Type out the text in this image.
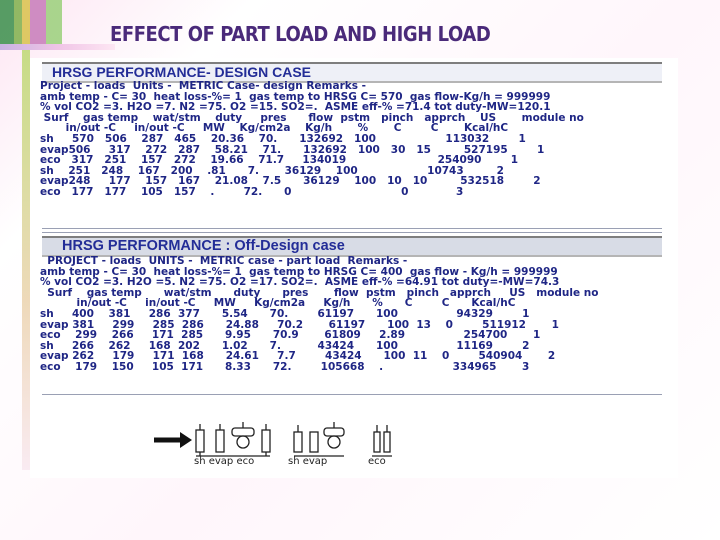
EFFECT OF PART LOAD AND HIGH LOAD
HRSG PERFORMANCE- DESIGN CASE
Project - loads  Units -  METRIC Case- design Remarks -
amb temp - C= 30  heat loss-%= 1  gas temp to HRSG C= 570  gas flow-Kg/h = 999999
% vol CO2 =3. H2O =7. N2 =75. O2 =15. SO2=.  ASME eff-% =71.4 tot duty-MW=120.1
Surf    gas temp    wat/stm    duty     pres      flow  pstm   pinch   apprch    US       module no
in/out -C     in/out -C     MW    Kg/cm2a    Kg/h       %       C        C       Kcal/hC
sh     570   506    287   465    20.36    70.      132692   100                   113032        1
evap506     317    272   287    58.21    71.      132692   100   30   15         527195        1
eco   317   251    157   272    19.66    71.7     134019                         254090        1
sh    251   248    167   200    .81      7.       36129    100                   10743         2
evap248     177    157   167    21.08    7.5      36129    100   10   10         532518        2
eco   177   177    105   157    .        72.      0                              0             3
HRSG PERFORMANCE : Off-Design case
PROJECT - loads  UNITS -  METRIC case - part load  Remarks -
amb temp - C= 30  heat loss-%= 1  gas temp to HRSG C= 400  gas flow - Kg/h = 999999
% vol CO2 =3. H2O =5. N2 =75. O2 =17. SO2=.  ASME eff-% =64.91 tot duty=-MW=74.3
Surf    gas temp      wat/stm      duty      pres       flow  pstm   pinch   apprch     US   module no
in/out -C     in/out -C     MW     Kg/cm2a     Kg/h      %      C        C      Kcal/hC
sh     400    381     286  377      5.54      70.        61197      100                94329        1
evap 381     299     285  286      24.88     70.2       61197      100  13    0        511912       1
eco    299    266     171  285      9.95      70.9       61809     2.89                254700       1
sh     266    262     168  202      1.02      7.          43424      100                11169        2
evap 262     179     171  168      24.61     7.7        43424      100  11    0        540904       2
eco    179    150     105  171      8.33      72.        105668    .                   334965       3
sh evap eco	sh evap	eco
